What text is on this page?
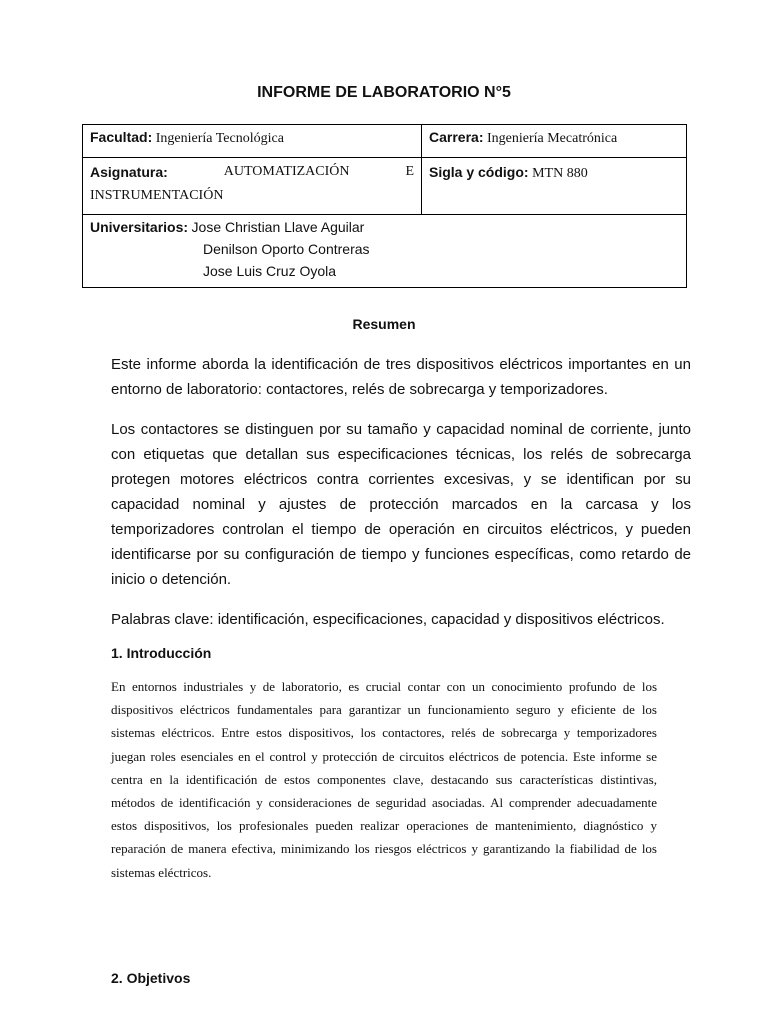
INFORME DE LABORATORIO N°5
Facultad: Ingeniería Tecnológica	Carrera: Ingeniería Mecatrónica

Asignatura: AUTOMATIZACIÓN E
INSTRUMENTACIÓN	Sigla y código: MTN 880

Universitarios: Jose Christian Llave Aguilar
Denilson Oporto Contreras
Jose Luis Cruz Oyola	
Resumen

Este informe aborda la identificación de tres dispositivos eléctricos importantes en un entorno de laboratorio: contactores, relés de sobrecarga y temporizadores.

Los contactores se distinguen por su tamaño y capacidad nominal de corriente, junto con etiquetas que detallan sus especificaciones técnicas, los relés de sobrecarga protegen motores eléctricos contra corrientes excesivas, y se identifican por su capacidad nominal y ajustes de protección marcados en la carcasa y los temporizadores controlan el tiempo de operación en circuitos eléctricos, y pueden identificarse por su configuración de tiempo y funciones específicas, como retardo de inicio o detención.

Palabras clave: identificación, especificaciones, capacidad y dispositivos eléctricos.

1. Introducción

En entornos industriales y de laboratorio, es crucial contar con un conocimiento profundo de los dispositivos eléctricos fundamentales para garantizar un funcionamiento seguro y eficiente de los sistemas eléctricos. Entre estos dispositivos, los contactores, relés de sobrecarga y temporizadores juegan roles esenciales en el control y protección de circuitos eléctricos de potencia. Este informe se centra en la identificación de estos componentes clave, destacando sus características distintivas, métodos de identificación y consideraciones de seguridad asociadas. Al comprender adecuadamente estos dispositivos, los profesionales pueden realizar operaciones de mantenimiento, diagnóstico y reparación de manera efectiva, minimizando los riesgos eléctricos y garantizando la fiabilidad de los sistemas eléctricos.

2. Objetivos
